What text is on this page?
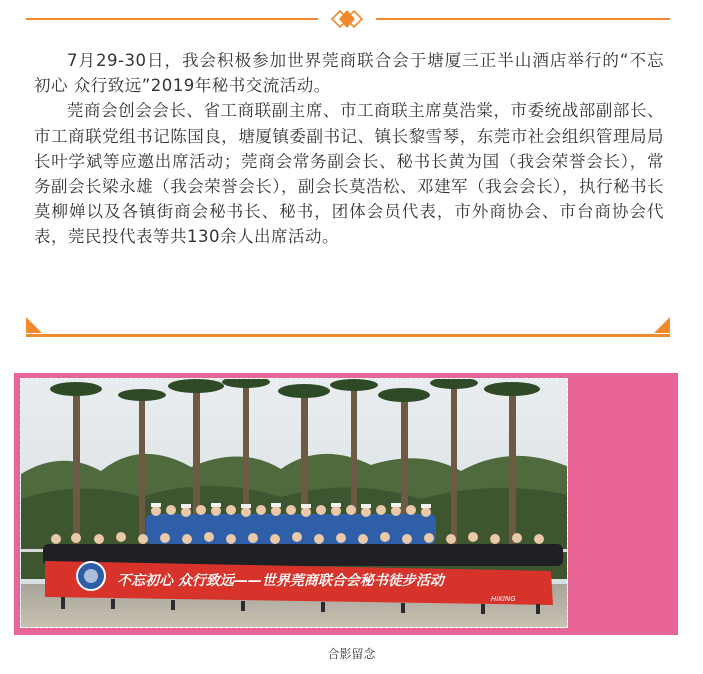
7月29-30日，我会积极参加世界莞商联合会于塘厦三正半山酒店举行的“不忘初心 众行致远”2019年秘书交流活动。

莞商会创会会长、省工商联副主席、市工商联主席莫浩棠，市委统战部副部长、市工商联党组书记陈国良，塘厦镇委副书记、镇长黎雪琴，东莞市社会组织管理局局长叶学斌等应邀出席活动；莞商会常务副会长、秘书长黄为国（我会荣誉会长），常务副会长梁永雄（我会荣誉会长），副会长莫浩松、邓建军（我会会长），执行秘书长莫柳婵以及各镇街商会秘书长、秘书，团体会员代表，市外商协会、市台商协会代表，莞民投代表等共130余人出席活动。

不忘初心 众行致远——世界莞商联合会秘书徒步活动
HIKING
合影留念
